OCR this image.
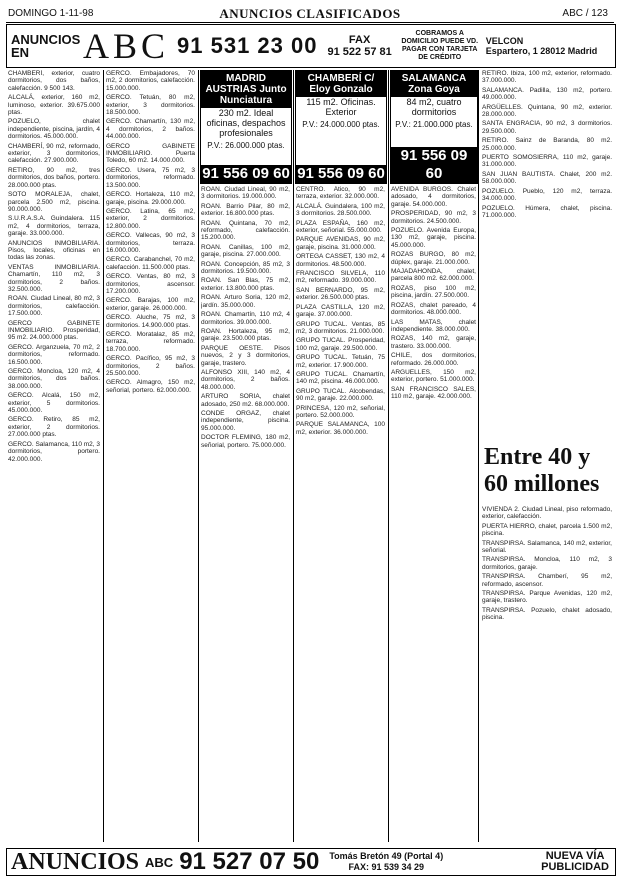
DOMINGO 1-11-98	ANUNCIOS CLASIFICADOS	ABC / 123
ANUNCIOS
EN	ABC 91 531 23 00	FAX
91 522 57 81
COBRAMOS A DOMICILIO PUEDE VD. PAGAR CON TARJETA DE CRÉDITO
VELCON
Espartero, 1 28012 Madrid

CHAMBERÍ, exterior, cuatro dormitorios, dos baños, calefacción. 9 500 143.

ALCALÁ, exterior, 160 m2, luminoso, exterior. 39.675.000 ptas.

POZUELO, chalet independiente, piscina, jardín, 4 dormitorios. 45.000.000.

CHAMBERÍ, 90 m2, reformado, exterior, 3 dormitorios, calefacción. 27.900.000.

RETIRO, 90 m2, tres dormitorios, dos baños, portero. 28.000.000 ptas.

SOTO MORALEJA, chalet, parcela 2.500 m2, piscina. 90.000.000.

S.U.R.A.S.A. Guindalera. 115 m2, 4 dormitorios, terraza, garaje. 33.000.000.

ANUNCIOS INMOBILIARIA. Pisos, locales, oficinas en todas las zonas.

VENTAS INMOBILIARIA. Chamartín, 110 m2, 3 dormitorios, 2 baños. 32.500.000.

ROAN. Ciudad Lineal, 80 m2, 3 dormitorios, calefacción. 17.500.000.

GERCO GABINETE INMOBILIARIO. Prosperidad, 95 m2. 24.000.000 ptas.

GERCO. Arganzuela, 70 m2, 2 dormitorios, reformado. 16.500.000.

GERCO. Moncloa, 120 m2, 4 dormitorios, dos baños. 38.000.000.

GERCO. Alcalá, 150 m2, exterior, 5 dormitorios. 45.000.000.

GERCO. Retiro, 85 m2, exterior, 2 dormitorios. 27.000.000 ptas.

GERCO. Salamanca, 110 m2, 3 dormitorios, portero. 42.000.000.

GERCO. Embajadores, 70 m2, 2 dormitorios, calefacción. 15.000.000.

GERCO. Tetuán, 80 m2, exterior, 3 dormitorios. 18.500.000.

GERCO. Chamartín, 130 m2, 4 dormitorios, 2 baños. 44.000.000.

GERCO GABINETE INMOBILIARIO. Puerta Toledo, 60 m2. 14.000.000.

GERCO. Usera, 75 m2, 3 dormitorios, reformado. 13.500.000.

GERCO. Hortaleza, 110 m2, garaje, piscina. 29.000.000.

GERCO. Latina, 65 m2, exterior, 2 dormitorios. 12.800.000.

GERCO. Vallecas, 90 m2, 3 dormitorios, terraza. 16.000.000.

GERCO. Carabanchel, 70 m2, calefacción. 11.500.000 ptas.

GERCO. Ventas, 80 m2, 3 dormitorios, ascensor. 17.200.000.

GERCO. Barajas, 100 m2, exterior, garaje. 26.000.000.

GERCO. Aluche, 75 m2, 3 dormitorios. 14.900.000 ptas.

GERCO. Moratalaz, 85 m2, terraza, reformado. 18.700.000.

GERCO. Pacífico, 95 m2, 3 dormitorios, 2 baños. 25.500.000.

GERCO. Almagro, 150 m2, señorial, portero. 62.000.000.

MADRID AUSTRIAS Junto Nunciatura
230 m2. Ideal oficinas, despachos profesionales
P.V.: 26.000.000 ptas.
91 556 09 60
CHAMBERÍ C/ Eloy Gonzalo
115 m2. Oficinas. Exterior
P.V.: 24.000.000 ptas.
91 556 09 60
SALAMANCA Zona Goya
84 m2, cuatro dormitorios
P.V.: 21.000.000 ptas.
91 556 09 60

ROAN. Ciudad Lineal, 90 m2, 3 dormitorios. 19.000.000.

ROAN. Barrio Pilar, 80 m2, exterior. 16.800.000 ptas.

ROAN. Quintana, 70 m2, reformado, calefacción. 15.200.000.

ROAN. Canillas, 100 m2, garaje, piscina. 27.000.000.

ROAN. Concepción, 85 m2, 3 dormitorios. 19.500.000.

ROAN. San Blas, 75 m2, exterior. 13.800.000 ptas.

ROAN. Arturo Soria, 120 m2, jardín. 35.000.000.

ROAN. Chamartín, 110 m2, 4 dormitorios. 39.000.000.

ROAN. Hortaleza, 95 m2, garaje. 23.500.000 ptas.

PARQUE OESTE. Pisos nuevos, 2 y 3 dormitorios, garaje, trastero.

ALFONSO XIII, 140 m2, 4 dormitorios, 2 baños. 48.000.000.

ARTURO SORIA, chalet adosado, 250 m2. 68.000.000.

CONDE ORGAZ, chalet independiente, piscina. 95.000.000.

DOCTOR FLEMING, 180 m2, señorial, portero. 75.000.000.

CENTRO. Ático, 90 m2, terraza, exterior. 32.000.000.

ALCALÁ. Guindalera, 100 m2, 3 dormitorios. 28.500.000.

PLAZA ESPAÑA, 160 m2, exterior, señorial. 55.000.000.

PARQUE AVENIDAS, 90 m2, garaje, piscina. 31.000.000.

ORTEGA CASSET, 130 m2, 4 dormitorios. 48.500.000.

FRANCISCO SILVELA, 110 m2, reformado. 39.000.000.

SAN BERNARDO, 95 m2, exterior. 26.500.000 ptas.

PLAZA CASTILLA, 120 m2, garaje. 37.000.000.

GRUPO TUCAL. Ventas, 85 m2, 3 dormitorios. 21.000.000.

GRUPO TUCAL. Prosperidad, 100 m2, garaje. 29.500.000.

GRUPO TUCAL. Tetuán, 75 m2, exterior. 17.900.000.

GRUPO TUCAL. Chamartín, 140 m2, piscina. 46.000.000.

GRUPO TUCAL. Alcobendas, 90 m2, garaje. 22.000.000.

PRINCESA, 120 m2, señorial, portero. 52.000.000.

PARQUE SALAMANCA, 100 m2, exterior. 36.000.000.

AVENIDA BURGOS. Chalet adosado, 4 dormitorios, garaje. 54.000.000.

PROSPERIDAD, 90 m2, 3 dormitorios. 24.500.000.

POZUELO. Avenida Europa, 130 m2, garaje, piscina. 45.000.000.

ROZAS BURGO, 80 m2, dúplex, garaje. 21.000.000.

MAJADAHONDA, chalet, parcela 800 m2. 62.000.000.

ROZAS, piso 100 m2, piscina, jardín. 27.500.000.

ROZAS, chalet pareado, 4 dormitorios. 48.000.000.

LAS MATAS, chalet independiente. 38.000.000.

ROZAS, 140 m2, garaje, trastero. 33.000.000.

CHILE, dos dormitorios, reformado. 26.000.000.

ARGUELLES, 150 m2, exterior, portero. 51.000.000.

SAN FRANCISCO SALES, 110 m2, garaje. 42.000.000.

RETIRO. Ibiza, 100 m2, exterior, reformado. 37.000.000.

SALAMANCA. Padilla, 130 m2, portero. 49.000.000.

ARGÜELLES. Quintana, 90 m2, exterior. 28.000.000.

SANTA ENGRACIA, 90 m2, 3 dormitorios. 29.500.000.

RETIRO. Sainz de Baranda, 80 m2. 25.000.000.

PUERTO SOMOSIERRA, 110 m2, garaje. 31.000.000.

SAN JUAN BAUTISTA. Chalet, 200 m2. 58.000.000.

POZUELO. Pueblo, 120 m2, terraza. 34.000.000.

POZUELO. Húmera, chalet, piscina. 71.000.000.

Entre 40 y 60 millones

VIVIENDA 2. Ciudad Lineal, piso reformado, exterior, calefacción.

PUERTA HIERRO, chalet, parcela 1.500 m2, piscina.

TRANSPIRSA. Salamanca, 140 m2, exterior, señorial.

TRANSPIRSA. Moncloa, 110 m2, 3 dormitorios, garaje.

TRANSPIRSA. Chamberí, 95 m2, reformado, ascensor.

TRANSPIRSA. Parque Avenidas, 120 m2, garaje, trastero.

TRANSPIRSA. Pozuelo, chalet adosado, piscina.

ANUNCIOS ABC 91 527 07 50 Tomás Bretón 49 (Portal 4)
FAX: 91 539 34 29
NUEVA VÍA
PUBLICIDAD
